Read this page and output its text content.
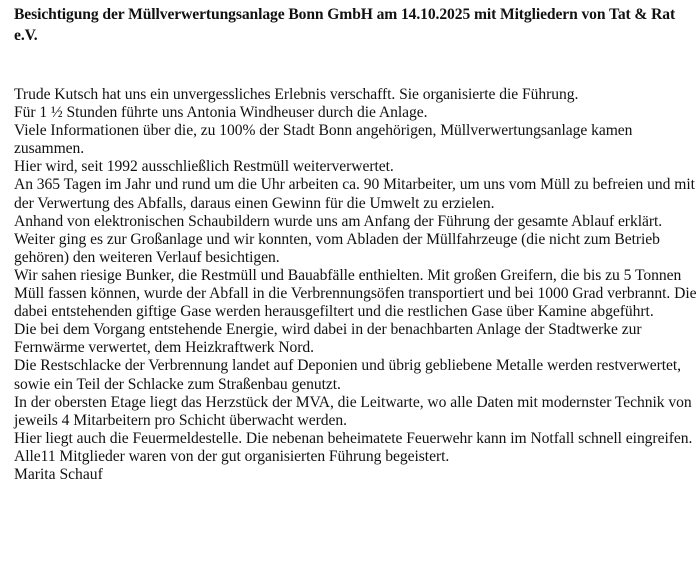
Besichtigung der Müllverwertungsanlage Bonn GmbH am 14.10.2025 mit Mitgliedern von Tat & Rat e.V.

Trude Kutsch hat uns ein unvergessliches Erlebnis verschafft. Sie organisierte die Führung.

Für 1 ½ Stunden führte uns Antonia Windheuser durch die Anlage.

Viele Informationen über die, zu 100% der Stadt Bonn angehörigen, Müllverwertungsanlage kamen zusammen.

Hier wird, seit 1992 ausschließlich Restmüll weiterverwertet.

An 365 Tagen im Jahr und rund um die Uhr arbeiten ca. 90 Mitarbeiter, um uns vom Müll zu befreien und mit der Verwertung des Abfalls, daraus einen Gewinn für die Umwelt zu erzielen.

Anhand von elektronischen Schaubildern wurde uns am Anfang der Führung der gesamte Ablauf erklärt.

Weiter ging es zur Großanlage und wir konnten, vom Abladen der Müllfahrzeuge (die nicht zum Betrieb gehören) den weiteren Verlauf besichtigen.

Wir sahen riesige Bunker, die Restmüll und Bauabfälle enthielten. Mit großen Greifern, die bis zu 5 Tonnen Müll fassen können, wurde der Abfall in die Verbrennungsöfen transportiert und bei 1000 Grad verbrannt. Die dabei entstehenden giftige Gase werden herausgefiltert und die restlichen Gase über Kamine abgeführt.

Die bei dem Vorgang entstehende Energie, wird dabei in der benachbarten Anlage der Stadtwerke zur Fernwärme verwertet, dem Heizkraftwerk Nord.

Die Restschlacke der Verbrennung landet auf Deponien und übrig gebliebene Metalle werden restverwertet, sowie ein Teil der Schlacke zum Straßenbau genutzt.

In der obersten Etage liegt das Herzstück der MVA, die Leitwarte, wo alle Daten mit modernster Technik von jeweils 4 Mitarbeitern pro Schicht überwacht werden.

Hier liegt auch die Feuermeldestelle. Die nebenan beheimatete Feuerwehr kann im Notfall schnell eingreifen.

Alle11 Mitglieder waren von der gut organisierten Führung begeistert.

Marita Schauf
